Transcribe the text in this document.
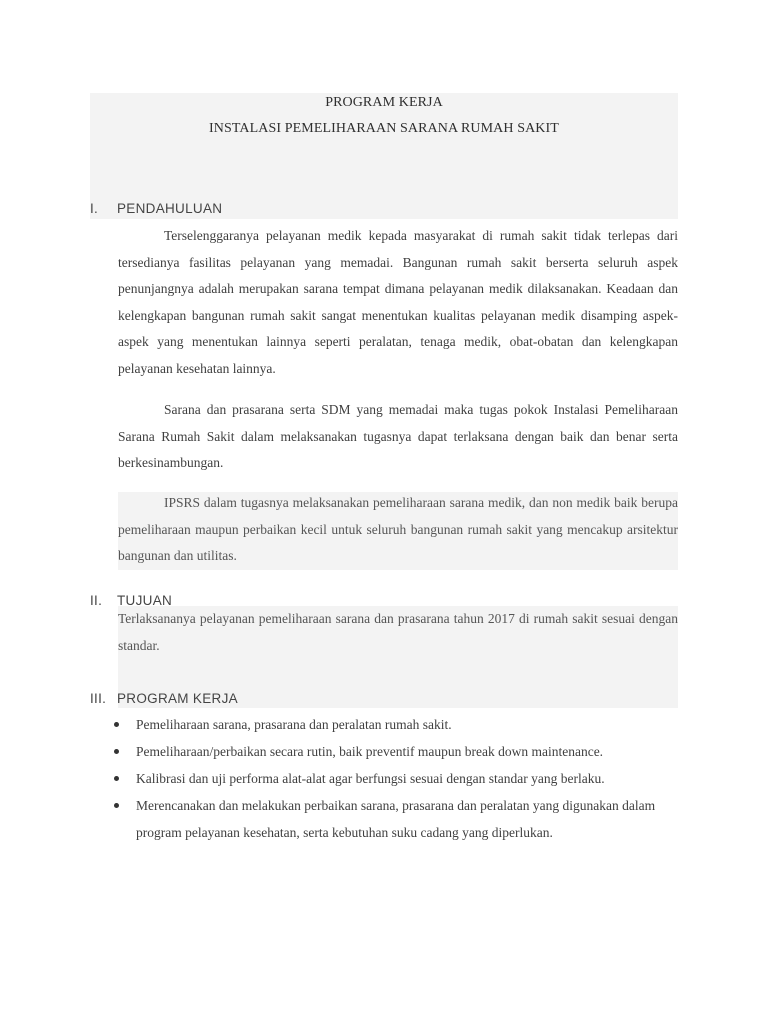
PROGRAM KERJA
INSTALASI PEMELIHARAAN SARANA RUMAH SAKIT
I. PENDAHULUAN
Terselenggaranya pelayanan medik kepada masyarakat di rumah sakit tidak terlepas dari tersedianya fasilitas pelayanan yang memadai. Bangunan rumah sakit berserta seluruh aspek penunjangnya adalah merupakan sarana tempat dimana pelayanan medik dilaksanakan. Keadaan dan kelengkapan bangunan rumah sakit sangat menentukan kualitas pelayanan medik disamping aspek-aspek yang menentukan lainnya seperti peralatan, tenaga medik, obat-obatan dan kelengkapan pelayanan kesehatan lainnya.
Sarana dan prasarana serta SDM yang memadai maka tugas pokok Instalasi Pemeliharaan Sarana Rumah Sakit dalam melaksanakan tugasnya dapat terlaksana dengan baik dan benar serta berkesinambungan.
IPSRS dalam tugasnya melaksanakan pemeliharaan sarana medik, dan non medik baik berupa pemeliharaan maupun perbaikan kecil untuk seluruh bangunan rumah sakit yang mencakup arsitektur bangunan dan utilitas.
II. TUJUAN
Terlaksananya pelayanan pemeliharaan sarana dan prasarana tahun 2017 di rumah sakit sesuai dengan standar.
III. PROGRAM KERJA
Pemeliharaan sarana, prasarana dan peralatan rumah sakit.
Pemeliharaan/perbaikan secara rutin, baik preventif maupun break down maintenance.
Kalibrasi dan uji performa alat-alat agar berfungsi sesuai dengan standar yang berlaku.
Merencanakan dan melakukan perbaikan sarana, prasarana dan peralatan yang digunakan dalam program pelayanan kesehatan, serta kebutuhan suku cadang yang diperlukan.
